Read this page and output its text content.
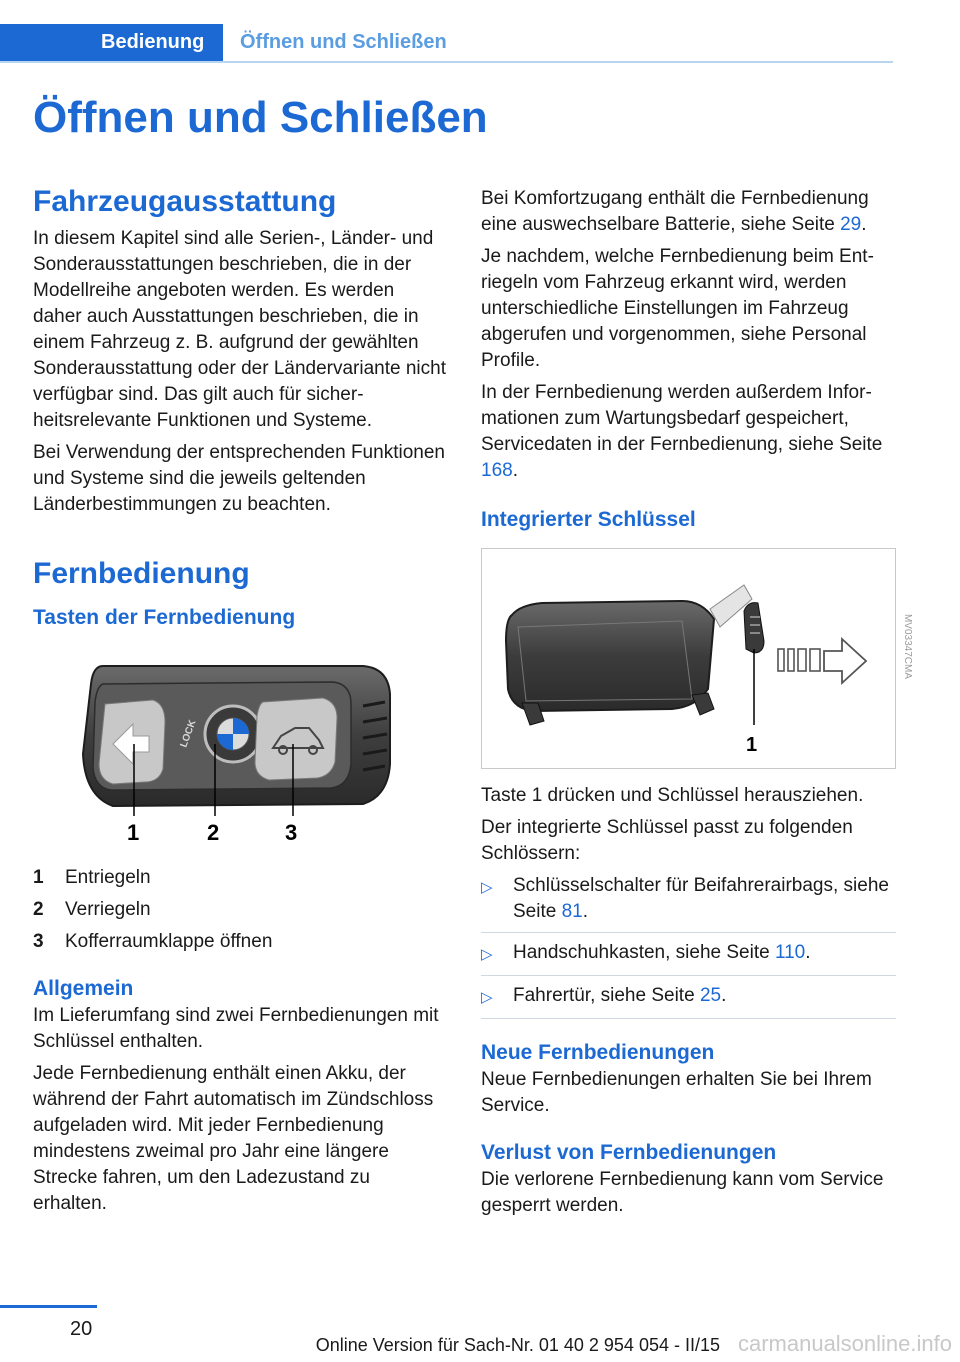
Bedienung	Öffnen und Schließen
Öffnen und Schließen
Fahrzeugausstattung

In diesem Kapitel sind alle Serien-, Länder- und Sonderausstattungen beschrieben, die in der Modellreihe angeboten werden. Es werden daher auch Ausstattungen beschrieben, die in einem Fahrzeug z. B. aufgrund der gewählten Sonderausstattung oder der Ländervariante nicht verfügbar sind. Das gilt auch für sicherheitsrelevante Funktionen und Systeme.

Bei Verwendung der entsprechenden Funktionen und Systeme sind die jeweils geltenden Länderbestimmungen zu beachten.

Fernbedienung
Tasten der Fernbedienung
LOCK
1	2	3
1	Entriegeln
2	Verriegeln
3	Kofferraumklappe öffnen
Allgemein

Im Lieferumfang sind zwei Fernbedienungen mit Schlüssel enthalten.

Jede Fernbedienung enthält einen Akku, der während der Fahrt automatisch im Zündschloss aufgeladen wird. Mit jeder Fernbedienung mindestens zweimal pro Jahr eine längere Strecke fahren, um den Ladezustand zu erhalten.

Bei Komfortzugang enthält die Fernbedienung eine auswechselbare Batterie, siehe Seite 29.

Je nachdem, welche Fernbedienung beim Entriegeln vom Fahrzeug erkannt wird, werden unterschiedliche Einstellungen im Fahrzeug abgerufen und vorgenommen, siehe Personal Profile.

In der Fernbedienung werden außerdem Informationen zum Wartungsbedarf gespeichert, Servicedaten in der Fernbedienung, siehe Seite 168.

Integrierter Schlüssel
1
MV03347CMA

Taste 1 drücken und Schlüssel herausziehen.

Der integrierte Schlüssel passt zu folgenden Schlössern:

▷	Schlüsselschalter für Beifahrerairbags, siehe Seite 81.
▷	Handschuhkasten, siehe Seite 110.
▷	Fahrertür, siehe Seite 25.
Neue Fernbedienungen

Neue Fernbedienungen erhalten Sie bei Ihrem Service.

Verlust von Fernbedienungen

Die verlorene Fernbedienung kann vom Service gesperrt werden.

20
Online Version für Sach-Nr. 01 40 2 954 054 - II/15 carmanualsonline.info
